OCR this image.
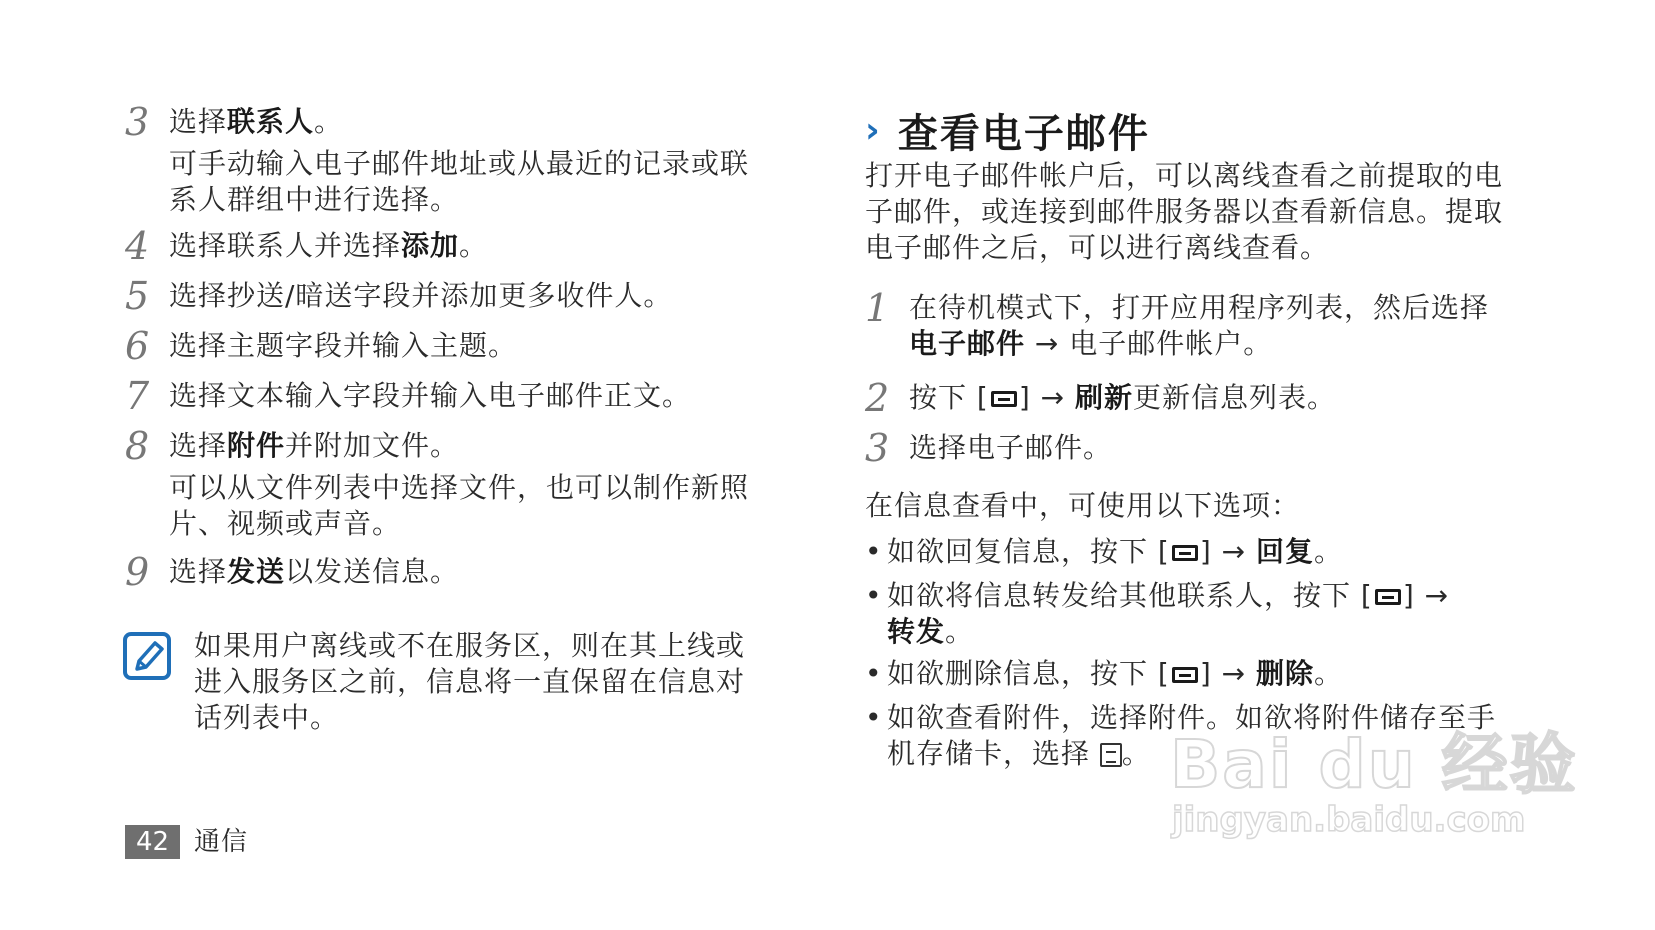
3 选择联系人。
可手动输入电子邮件地址或从最近的记录或联
系人群组中进行选择。
4 选择联系人并选择添加。
5 选择抄送/暗送字段并添加更多收件人。
6 选择主题字段并输入主题。
7 选择文本输入字段并输入电子邮件正文。
8 选择附件并附加文件。
可以从文件列表中选择文件，也可以制作新照
片、视频或声音。
9 选择发送以发送信息。
如果用户离线或不在服务区，则在其上线或
进入服务区之前，信息将一直保留在信息对
话列表中。
› 查看电子邮件
打开电子邮件帐户后，可以离线查看之前提取的电
子邮件，或连接到邮件服务器以查看新信息。提取
电子邮件之后，可以进行离线查看。
1 在待机模式下，打开应用程序列表，然后选择
电子邮件 → 电子邮件帐户。
2 按下 [ ] → 刷新更新信息列表。
3 选择电子邮件。
在信息查看中，可使用以下选项：
• 如欲回复信息，按下 [ ] → 回复。
• 如欲将信息转发给其他联系人，按下 [ ] →
转发。
• 如欲删除信息，按下 [ ] → 删除。
• 如欲查看附件，选择附件。如欲将附件储存至手
机存储卡，选择 。
42 通信
Bai du 经验
jingyan.baidu.com
